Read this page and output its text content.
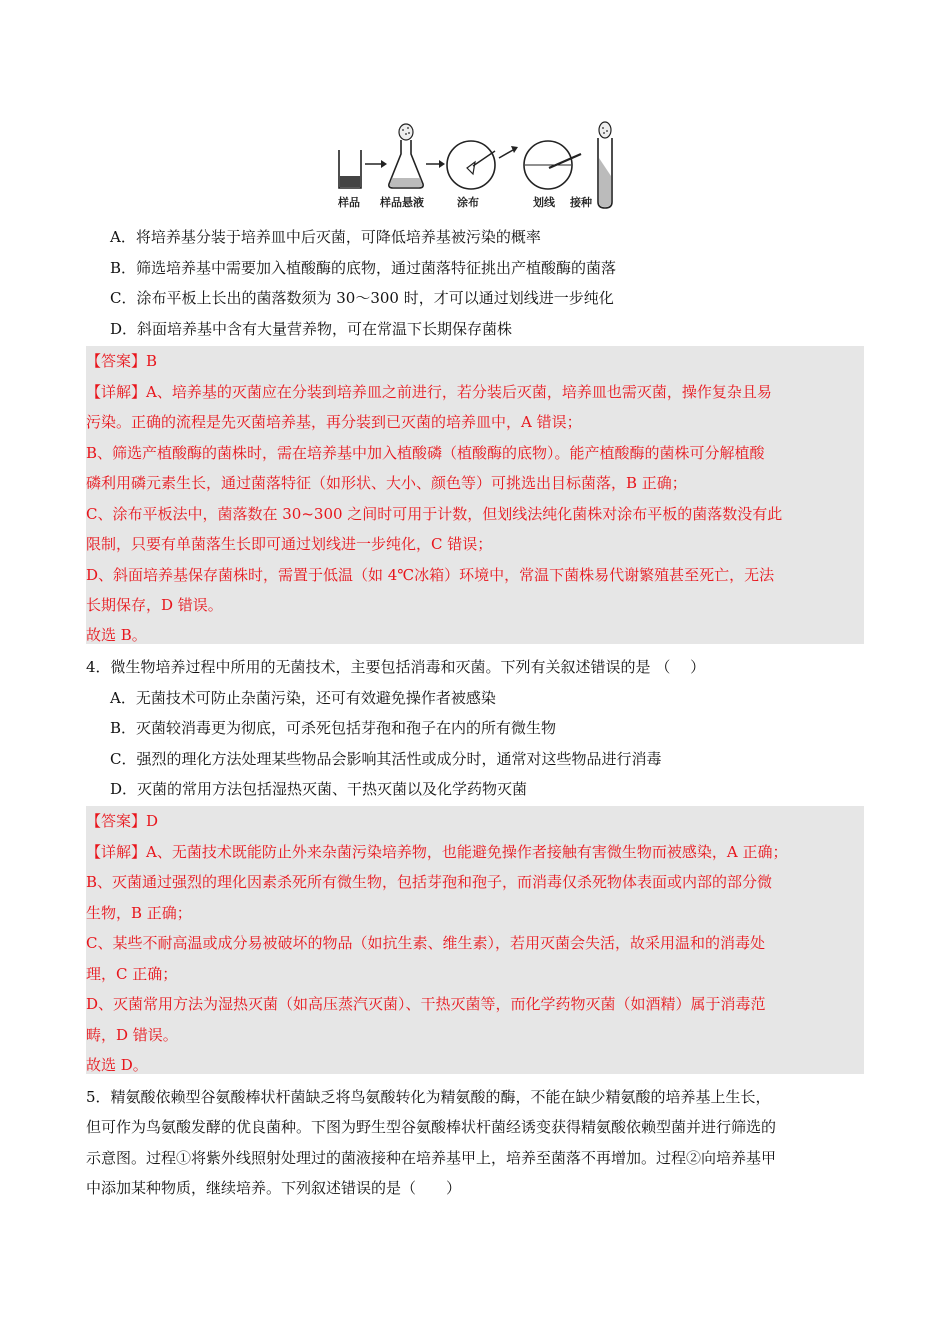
样品 样品悬液	涂布	划线 接种
A．将培养基分装于培养皿中后灭菌，可降低培养基被污染的概率
B．筛选培养基中需要加入植酸酶的底物，通过菌落特征挑出产植酸酶的菌落
C．涂布平板上长出的菌落数须为 30～300 时，才可以通过划线进一步纯化
D．斜面培养基中含有大量营养物，可在常温下长期保存菌株
【答案】B
【详解】A、培养基的灭菌应在分装到培养皿之前进行，若分装后灭菌，培养皿也需灭菌，操作复杂且易
污染。正确的流程是先灭菌培养基，再分装到已灭菌的培养皿中，A 错误；
B、筛选产植酸酶的菌株时，需在培养基中加入植酸磷（植酸酶的底物）。能产植酸酶的菌株可分解植酸
磷利用磷元素生长，通过菌落特征（如形状、大小、颜色等）可挑选出目标菌落，B 正确；
C、涂布平板法中，菌落数在 30~300 之间时可用于计数，但划线法纯化菌株对涂布平板的菌落数没有此
限制，只要有单菌落生长即可通过划线进一步纯化，C 错误；
D、斜面培养基保存菌株时，需置于低温（如 4℃冰箱）环境中，常温下菌株易代谢繁殖甚至死亡，无法
长期保存，D 错误。
故选 B。
4．微生物培养过程中所用的无菌技术，主要包括消毒和灭菌。下列有关叙述错误的是 （　 ）
A．无菌技术可防止杂菌污染，还可有效避免操作者被感染
B．灭菌较消毒更为彻底，可杀死包括芽孢和孢子在内的所有微生物
C．强烈的理化方法处理某些物品会影响其活性或成分时，通常对这些物品进行消毒
D．灭菌的常用方法包括湿热灭菌、干热灭菌以及化学药物灭菌
【答案】D
【详解】A、无菌技术既能防止外来杂菌污染培养物，也能避免操作者接触有害微生物而被感染，A 正确；
B、灭菌通过强烈的理化因素杀死所有微生物，包括芽孢和孢子，而消毒仅杀死物体表面或内部的部分微
生物，B 正确；
C、某些不耐高温或成分易被破坏的物品（如抗生素、维生素），若用灭菌会失活，故采用温和的消毒处
理，C 正确；
D、灭菌常用方法为湿热灭菌（如高压蒸汽灭菌）、干热灭菌等，而化学药物灭菌（如酒精）属于消毒范
畴，D 错误。
故选 D。
5．精氨酸依赖型谷氨酸棒状杆菌缺乏将鸟氨酸转化为精氨酸的酶，不能在缺少精氨酸的培养基上生长，
但可作为鸟氨酸发酵的优良菌种。下图为野生型谷氨酸棒状杆菌经诱变获得精氨酸依赖型菌并进行筛选的
示意图。过程①将紫外线照射处理过的菌液接种在培养基甲上，培养至菌落不再增加。过程②向培养基甲
中添加某种物质，继续培养。下列叙述错误的是（　　）
